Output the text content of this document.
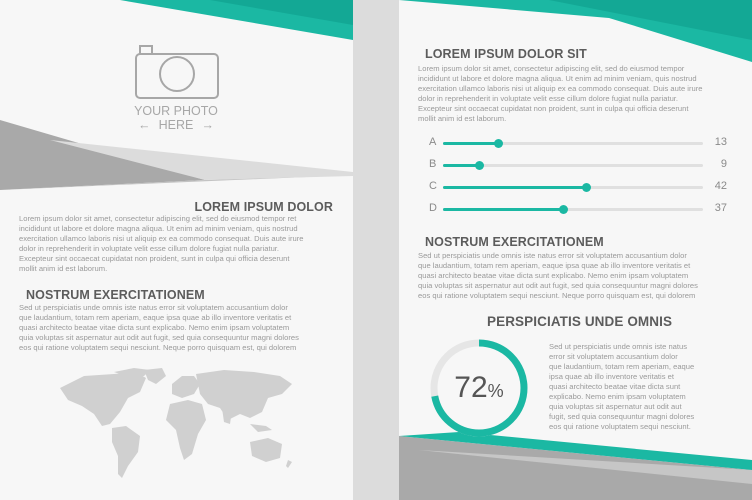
YOUR PHOTO
← HERE →
LOREM IPSUM DOLOR
Lorem ipsum dolor sit amet, consectetur adipiscing elit, sed do eiusmod tempor ret
incididunt ut labore et dolore magna aliqua. Ut enim ad minim veniam, quis nostrud
exercitation ullamco laboris nisi ut aliquip ex ea commodo consequat. Duis aute irure
dolor in reprehenderit in voluptate velit esse cillum dolore fugiat nulla pariatur.
Excepteur sint occaecat cupidatat non proident, sunt in culpa qui officia deserunt
mollit anim id est laborum.
NOSTRUM EXERCITATIONEM
Sed ut perspiciatis unde omnis iste natus error sit voluptatem accusantium dolor
que laudantium, totam rem aperiam, eaque ipsa quae ab illo inventore veritatis et
quasi architecto beatae vitae dicta sunt explicabo. Nemo enim ipsam voluptatem
quia voluptas sit aspernatur aut odit aut fugit, sed quia consequuntur magni dolores
eos qui ratione voluptatem sequi nesciunt. Neque porro quisquam est, qui dolorem
LOREM IPSUM DOLOR SIT
Lorem ipsum dolor sit amet, consectetur adipiscing elit, sed do eiusmod tempor
incididunt ut labore et dolore magna aliqua. Ut enim ad minim veniam, quis nostrud
exercitation ullamco laboris nisi ut aliquip ex ea commodo consequat. Duis aute irure
dolor in reprehenderit in voluptate velit esse cillum dolore fugiat nulla pariatur.
Excepteur sint occaecat cupidatat non proident, sunt in culpa qui officia deserunt
mollit anim id est laborum.
A	13
B	9
C	42
D	37
NOSTRUM EXERCITATIONEM
Sed ut perspiciatis unde omnis iste natus error sit voluptatem accusantium dolor
que laudantium, totam rem aperiam, eaque ipsa quae ab illo inventore veritatis et
quasi architecto beatae vitae dicta sunt explicabo. Nemo enim ipsam voluptatem
quia voluptas sit aspernatur aut odit aut fugit, sed quia consequuntur magni dolores
eos qui ratione voluptatem sequi nesciunt. Neque porro quisquam est, qui dolorem
PERSPICIATIS UNDE OMNIS
72%
Sed ut perspiciatis unde omnis iste natus
error sit voluptatem accusantium dolor
que laudantium, totam rem aperiam, eaque
ipsa quae ab illo inventore veritatis et
quasi architecto beatae vitae dicta sunt
explicabo. Nemo enim ipsam voluptatem
quia voluptas sit aspernatur aut odit aut
fugit, sed quia consequuntur magni dolores
eos qui ratione voluptatem sequi nesciunt.
